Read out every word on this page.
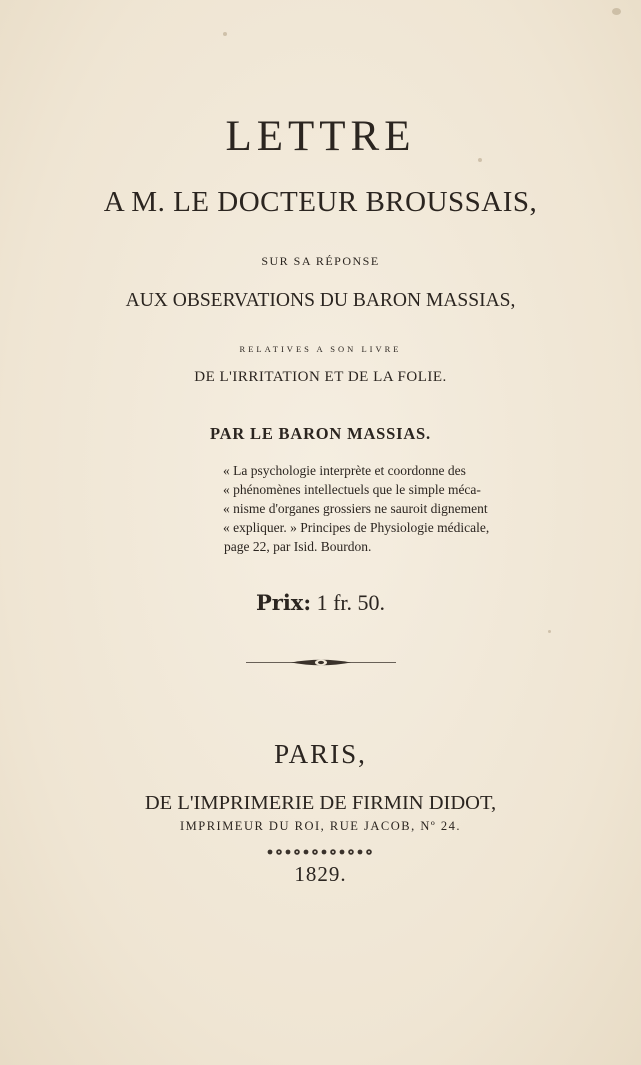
LETTRE
A M. LE DOCTEUR BROUSSAIS,
SUR SA RÉPONSE
AUX OBSERVATIONS DU BARON MASSIAS,
RELATIVES A SON LIVRE
DE L'IRRITATION ET DE LA FOLIE.
PAR LE BARON MASSIAS.
« La psychologie interprète et coordonne des
« phénomènes intellectuels que le simple méca-
« nisme d'organes grossiers ne sauroit dignement
« expliquer. » Principes de Physiologie médicale,
page 22, par Isid. Bourdon.
Prix: 1 fr. 50.
PARIS,
DE L'IMPRIMERIE DE FIRMIN DIDOT,
IMPRIMEUR DU ROI, RUE JACOB, Nº 24.
1829.
